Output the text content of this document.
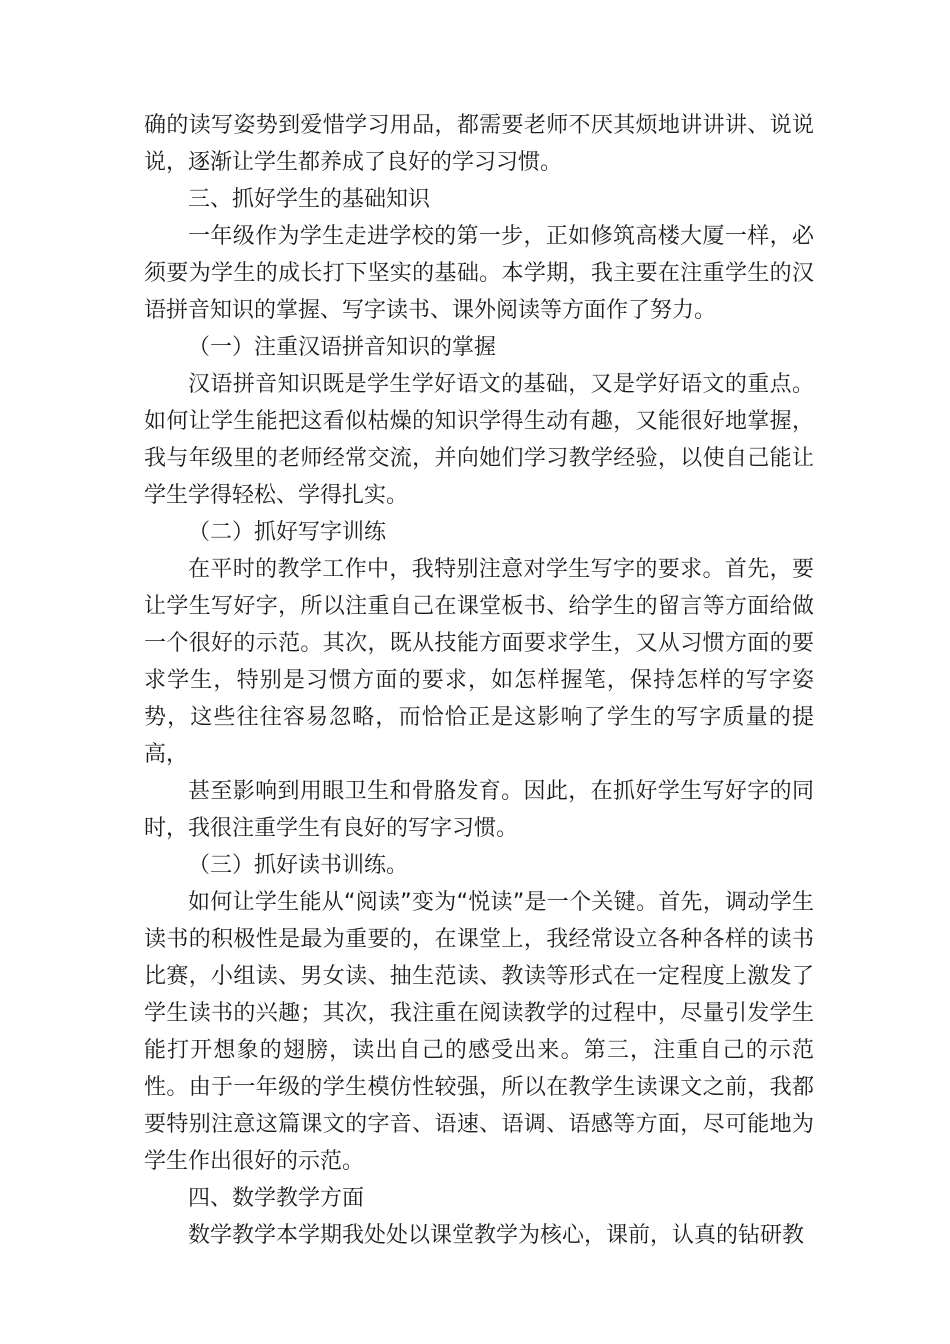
确的读写姿势到爱惜学习用品，都需要老师不厌其烦地讲讲讲、说说说，逐渐让学生都养成了良好的学习习惯。

三、抓好学生的基础知识

一年级作为学生走进学校的第一步，正如修筑高楼大厦一样，必须要为学生的成长打下坚实的基础。本学期，我主要在注重学生的汉语拼音知识的掌握、写字读书、课外阅读等方面作了努力。

（一）注重汉语拼音知识的掌握

汉语拼音知识既是学生学好语文的基础，又是学好语文的重点。如何让学生能把这看似枯燥的知识学得生动有趣，又能很好地掌握，我与年级里的老师经常交流，并向她们学习教学经验，以使自己能让学生学得轻松、学得扎实。

（二）抓好写字训练

在平时的教学工作中，我特别注意对学生写字的要求。首先，要让学生写好字，所以注重自己在课堂板书、给学生的留言等方面给做一个很好的示范。其次，既从技能方面要求学生，又从习惯方面的要求学生，特别是习惯方面的要求，如怎样握笔，保持怎样的写字姿势，这些往往容易忽略，而恰恰正是这影响了学生的写字质量的提高，

甚至影响到用眼卫生和骨胳发育。因此，在抓好学生写好字的同时，我很注重学生有良好的写字习惯。

（三）抓好读书训练。

如何让学生能从“阅读”变为“悦读”是一个关键。首先，调动学生读书的积极性是最为重要的，在课堂上，我经常设立各种各样的读书比赛，小组读、男女读、抽生范读、教读等形式在一定程度上激发了学生读书的兴趣；其次，我注重在阅读教学的过程中，尽量引发学生能打开想象的翅膀，读出自己的感受出来。第三，注重自己的示范性。由于一年级的学生模仿性较强，所以在教学生读课文之前，我都要特别注意这篇课文的字音、语速、语调、语感等方面，尽可能地为学生作出很好的示范。

四、数学教学方面

数学教学本学期我处处以课堂教学为核心，课前，认真的钻研教
